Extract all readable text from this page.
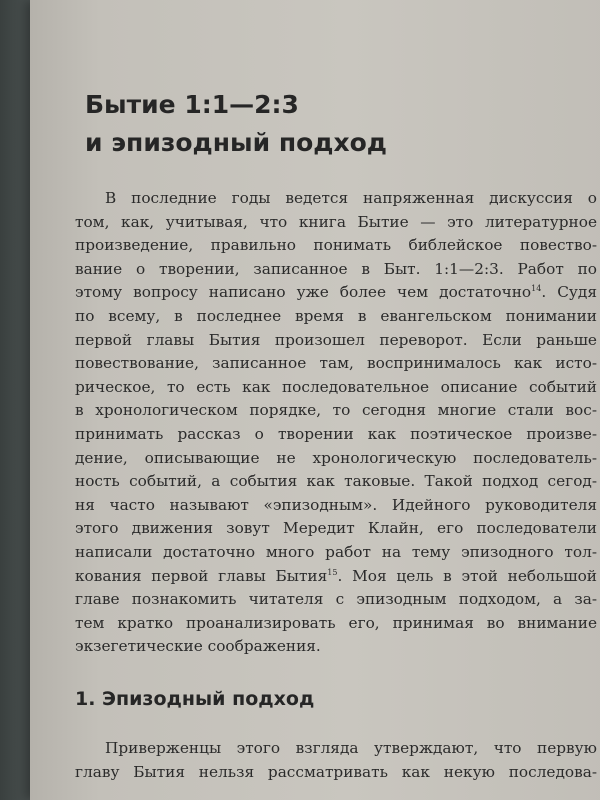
Бытие 1:1—2:3
и эпизодный подход
В последние годы ведется напряженная дискуссия о
том, как, учитывая, что книга Бытие — это литературное
произведение, правильно понимать библейское повество-
вание о творении, записанное в Быт. 1:1—2:3. Работ по
этому вопросу написано уже более чем достаточно$^{14}$. Судя
по всему, в последнее время в евангельском понимании
первой главы Бытия произошел переворот. Если раньше
повествование, записанное там, воспринималось как исто-
рическое, то есть как последовательное описание событий
в хронологическом порядке, то сегодня многие стали вос-
принимать рассказ о творении как поэтическое произве-
дение, описывающие не хронологическую последователь-
ность событий, а события как таковые. Такой подход сегод-
ня часто называют «эпизодным». Идейного руководителя
этого движения зовут Мередит Клайн, его последователи
написали достаточно много работ на тему эпизодного тол-
кования первой главы Бытия$^{15}$. Моя цель в этой небольшой
главе познакомить читателя с эпизодным подходом, а за-
тем кратко проанализировать его, принимая во внимание
экзегетические соображения.
1. Эпизодный подход
Приверженцы этого взгляда утверждают, что первую
главу Бытия нельзя рассматривать как некую последова-
